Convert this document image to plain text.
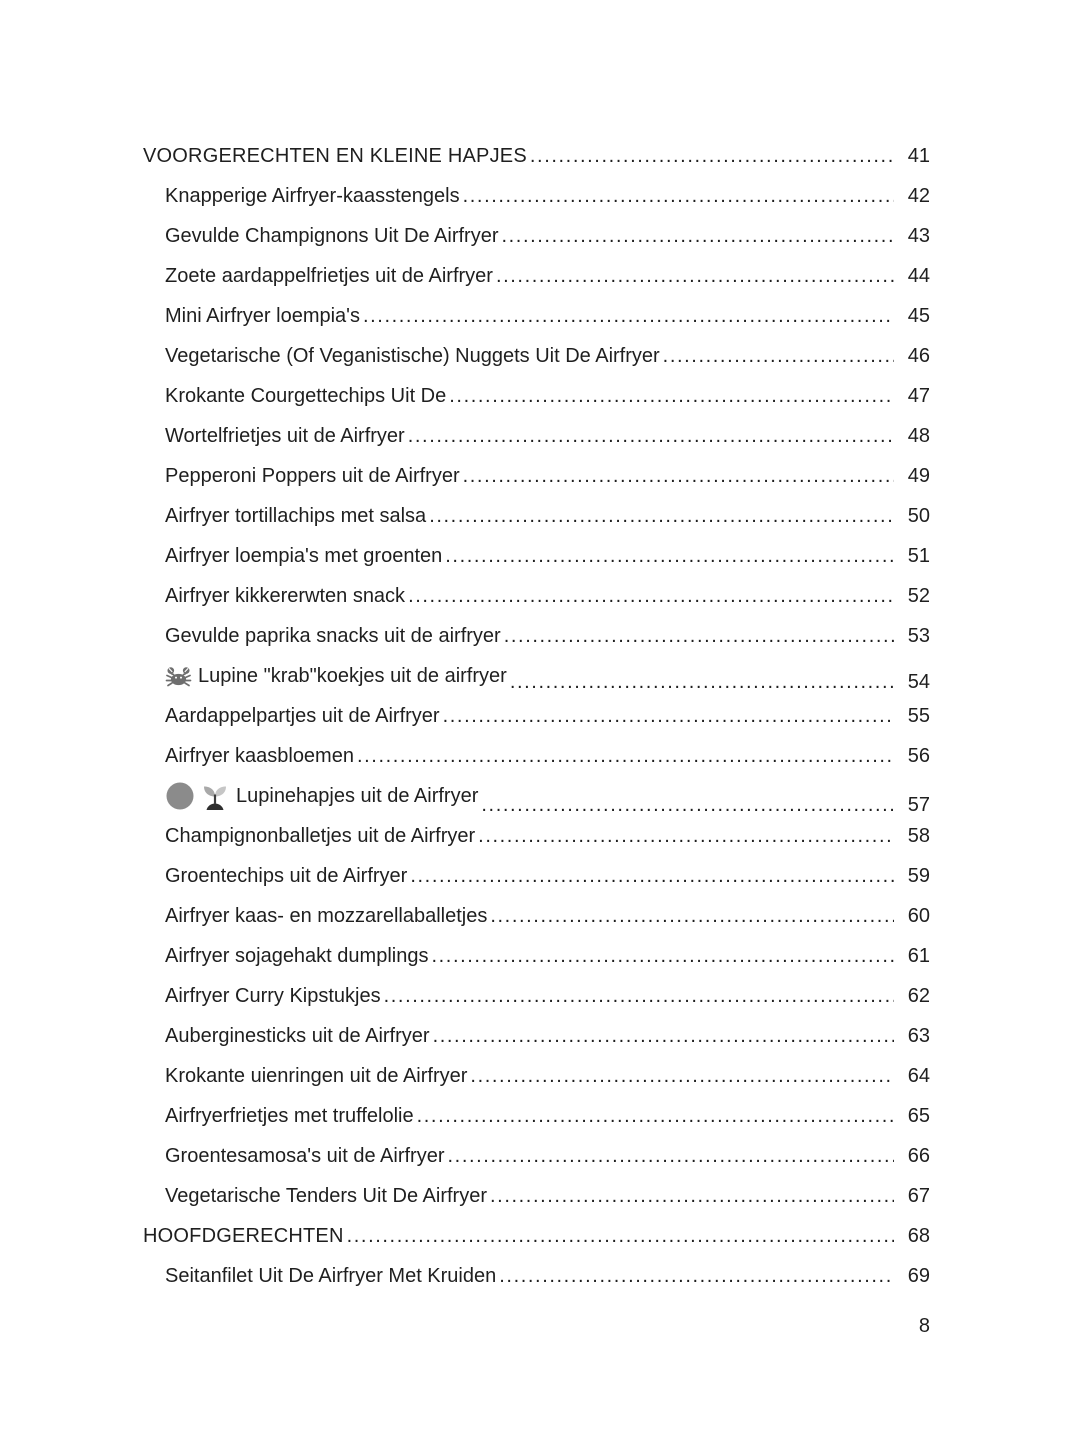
VOORGERECHTEN EN KLEINE HAPJES .....	41
Knapperige Airfryer-kaasstengels .....	42
Gevulde Champignons Uit De Airfryer .....	43
Zoete aardappelfrietjes uit de Airfryer .....	44
Mini Airfryer loempia's .....	45
Vegetarische (Of Veganistische) Nuggets Uit De Airfryer .....	46
Krokante Courgettechips Uit De .....	47
Wortelfrietjes uit de Airfryer .....	48
Pepperoni Poppers uit de Airfryer .....	49
Airfryer tortillachips met salsa .....	50
Airfryer loempia's met groenten .....	51
Airfryer kikkererwten snack .....	52
Gevulde paprika snacks uit de airfryer .....	53
Lupine "krab"koekjes uit de airfryer .....	54
Aardappelpartjes uit de Airfryer .....	55
Airfryer kaasbloemen .....	56
Lupinehapjes uit de Airfryer .....	57
Champignonballetjes uit de Airfryer .....	58
Groentechips uit de Airfryer .....	59
Airfryer kaas- en mozzarellaballetjes .....	60
Airfryer sojagehakt dumplings .....	61
Airfryer Curry Kipstukjes .....	62
Auberginesticks uit de Airfryer .....	63
Krokante uienringen uit de Airfryer .....	64
Airfryerfrietjes met truffelolie .....	65
Groentesamosa's uit de Airfryer .....	66
Vegetarische Tenders Uit De Airfryer .....	67
HOOFDGERECHTEN .....	68
Seitanfilet Uit De Airfryer Met Kruiden .....	69
8
